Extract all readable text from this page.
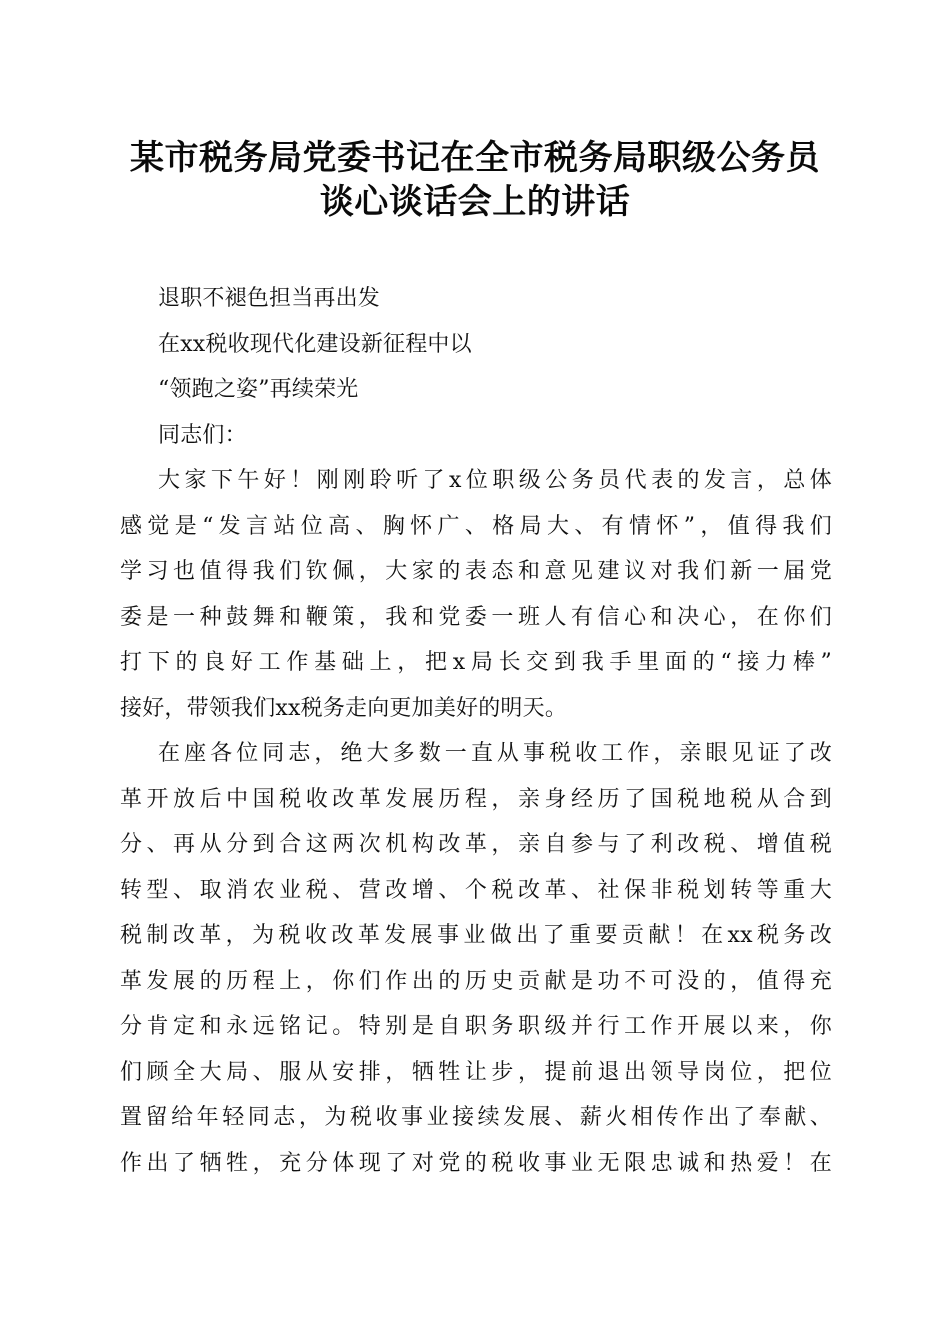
某市税务局党委书记在全市税务局职级公务员
谈心谈话会上的讲话
退职不褪色担当再出发
在xx税收现代化建设新征程中以
“领跑之姿”再续荣光
同志们：
大家下午好！刚刚聆听了x位职级公务员代表的发言，总体
感觉是“发言站位高、胸怀广、格局大、有情怀”，值得我们
学习也值得我们钦佩，大家的表态和意见建议对我们新一届党
委是一种鼓舞和鞭策，我和党委一班人有信心和决心，在你们
打下的良好工作基础上，把x局长交到我手里面的“接力棒”
接好，带领我们xx税务走向更加美好的明天。
在座各位同志，绝大多数一直从事税收工作，亲眼见证了改
革开放后中国税收改革发展历程，亲身经历了国税地税从合到
分、再从分到合这两次机构改革，亲自参与了利改税、增值税
转型、取消农业税、营改增、个税改革、社保非税划转等重大
税制改革，为税收改革发展事业做出了重要贡献！在xx税务改
革发展的历程上，你们作出的历史贡献是功不可没的，值得充
分肯定和永远铭记。特别是自职务职级并行工作开展以来，你
们顾全大局、服从安排，牺牲让步，提前退出领导岗位，把位
置留给年轻同志，为税收事业接续发展、薪火相传作出了奉献、
作出了牺牲，充分体现了对党的税收事业无限忠诚和热爱！在
